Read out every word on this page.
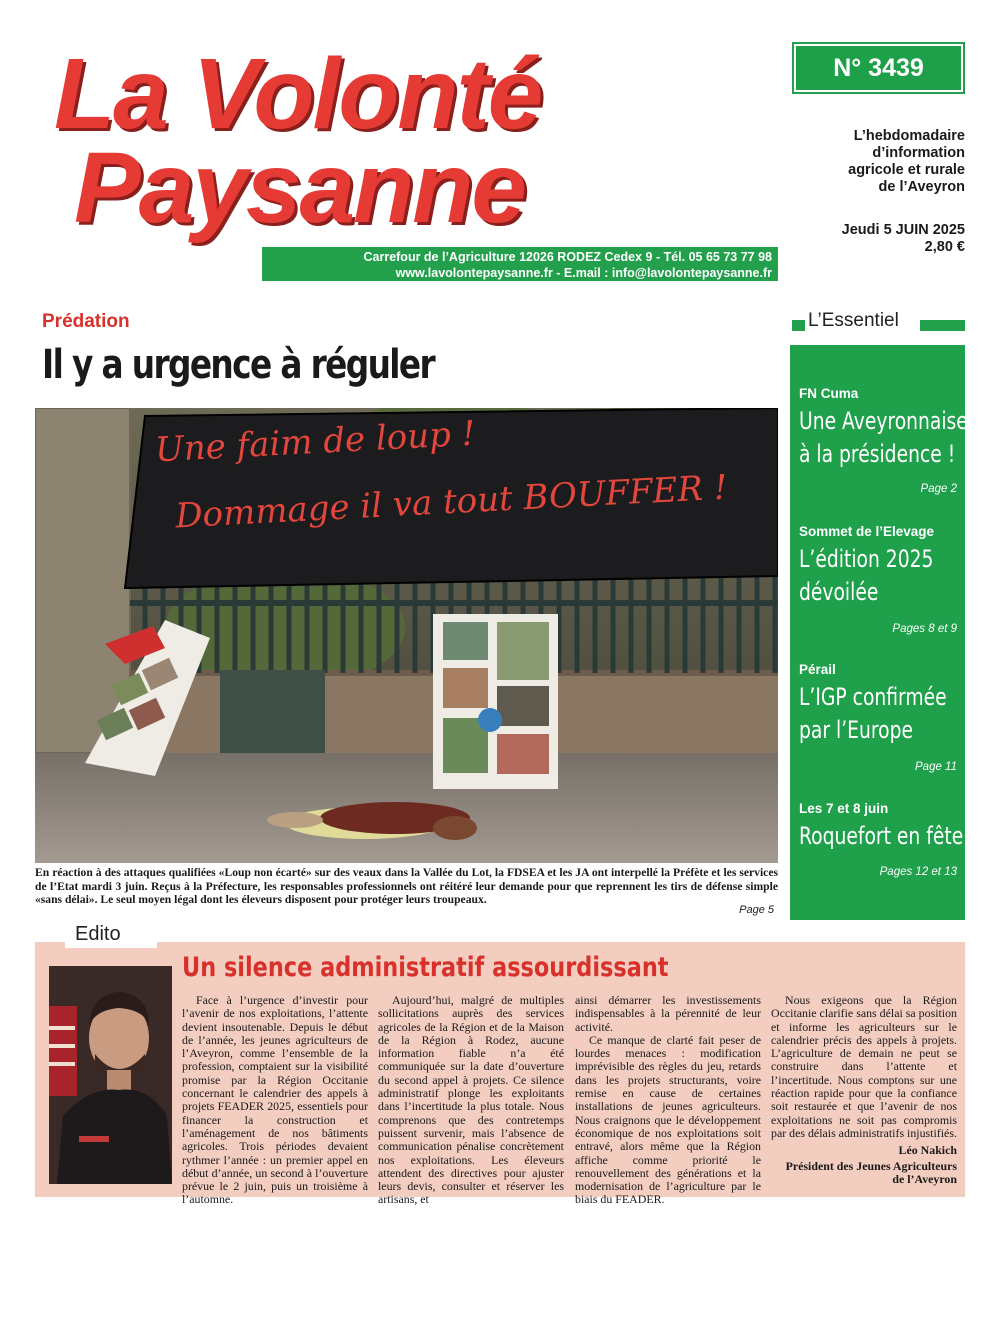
La Volonté
Paysanne
Carrefour de l’Agriculture 12026 RODEZ Cedex 9 - Tél. 05 65 73 77 98
www.lavolontepaysanne.fr - E.mail : info@lavolontepaysanne.fr
N° 3439
L’hebdomadaire
d’information
agricole et rurale
de l’Aveyron
Jeudi 5 JUIN 2025
2,80 €
Prédation
Il y a urgence à réguler
Une faim de loup !
Dommage il va tout BOUFFER !
En réaction à des attaques qualifiées «Loup non écarté» sur des veaux dans la Vallée du Lot, la FDSEA et les JA ont interpellé la Préfète et les services de l’Etat mardi 3 juin. Reçus à la Préfecture, les responsables professionnels ont réitéré leur demande pour que reprennent les tirs de défense simple «sans délai». Le seul moyen légal dont les éleveurs disposent pour protéger leurs troupeaux.
Page 5
L’Essentiel
FN Cuma
Une Aveyronnaise
à la présidence !
Page 2
Sommet de l’Elevage
L’édition 2025
dévoilée
Pages 8 et 9
Pérail
L’IGP confirmée
par l’Europe
Page 11
Les 7 et 8 juin
Roquefort en fête
Pages 12 et 13
Edito
Un silence administratif assourdissant

Face à l’urgence d’investir pour l’avenir de nos exploitations, l’attente devient insoutenable. Depuis le début de l’année, les jeunes agriculteurs de l’Aveyron, comme l’ensemble de la profession, comptaient sur la visibilité promise par la Région Occitanie concernant le calendrier des appels à projets FEADER 2025, essentiels pour financer la construction et l’aménagement de nos bâtiments agricoles. Trois périodes devaient rythmer l’année : un premier appel en début d’année, un second à l’ouverture prévue le 2 juin, puis un troisième à l’automne.

Aujourd’hui, malgré de multiples sollicitations auprès des services agricoles de la Région et de la Maison de la Région à Rodez, aucune information fiable n’a été communiquée sur la date d’ouverture du second appel à projets. Ce silence administratif plonge les exploitants dans l’incertitude la plus totale. Nous comprenons que des contretemps puissent survenir, mais l’absence de communication pénalise concrètement nos exploitations. Les éleveurs attendent des directives pour ajuster leurs devis, consulter et réserver les artisans, et

ainsi démarrer les investissements indispensables à la pérennité de leur activité.

Ce manque de clarté fait peser de lourdes menaces : modification imprévisible des règles du jeu, retards dans les projets structurants, voire remise en cause de certaines installations de jeunes agriculteurs. Nous craignons que le développement économique de nos exploitations soit entravé, alors même que la Région affiche comme priorité le renouvellement des générations et la modernisation de l’agriculture par le biais du FEADER.

Nous exigeons que la Région Occitanie clarifie sans délai sa position et informe les agriculteurs sur le calendrier précis des appels à projets. L’agriculture de demain ne peut se construire dans l’attente et l’incertitude. Nous comptons sur une réaction rapide pour que la confiance soit restaurée et que l’avenir de nos exploitations ne soit pas compromis par des délais administratifs injustifiés.

Léo Nakich
Président des Jeunes Agriculteurs de l’Aveyron
